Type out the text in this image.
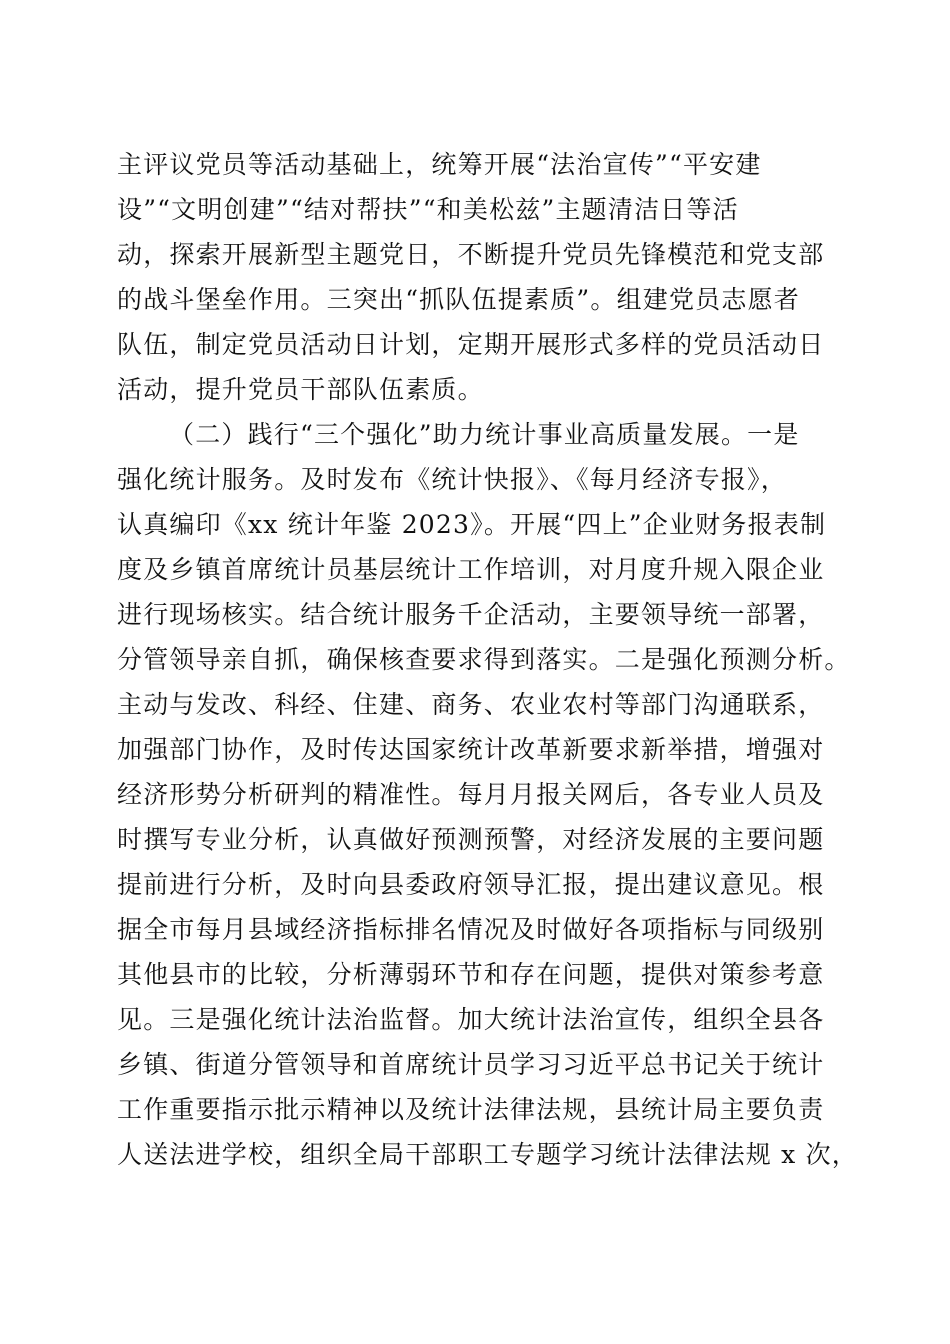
主评议党员等活动基础上，统筹开展“法治宣传”“平安建
设”“文明创建”“结对帮扶”“和美松兹”主题清洁日等活
动，探索开展新型主题党日，不断提升党员先锋模范和党支部
的战斗堡垒作用。三突出“抓队伍提素质”。组建党员志愿者
队伍，制定党员活动日计划，定期开展形式多样的党员活动日
活动，提升党员干部队伍素质。
（二）践行“三个强化”助力统计事业高质量发展。一是
强化统计服务。及时发布《统计快报》、《每月经济专报》，
认真编印《xx 统计年鉴 2023》。开展“四上”企业财务报表制
度及乡镇首席统计员基层统计工作培训，对月度升规入限企业
进行现场核实。结合统计服务千企活动，主要领导统一部署，
分管领导亲自抓，确保核查要求得到落实。二是强化预测分析。
主动与发改、科经、住建、商务、农业农村等部门沟通联系，
加强部门协作，及时传达国家统计改革新要求新举措，增强对
经济形势分析研判的精准性。每月月报关网后，各专业人员及
时撰写专业分析，认真做好预测预警，对经济发展的主要问题
提前进行分析，及时向县委政府领导汇报，提出建议意见。根
据全市每月县域经济指标排名情况及时做好各项指标与同级别
其他县市的比较，分析薄弱环节和存在问题，提供对策参考意
见。三是强化统计法治监督。加大统计法治宣传，组织全县各
乡镇、街道分管领导和首席统计员学习习近平总书记关于统计
工作重要指示批示精神以及统计法律法规，县统计局主要负责
人送法进学校，组织全局干部职工专题学习统计法律法规 x 次，
